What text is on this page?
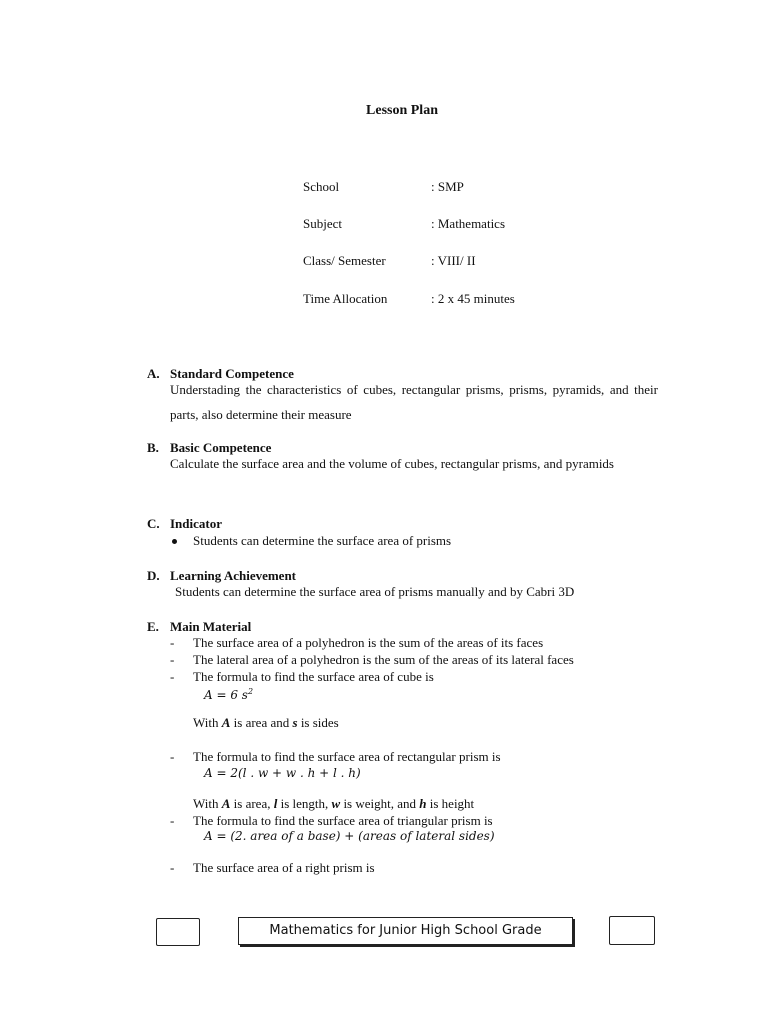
Lesson Plan
School	: SMP
Subject	: Mathematics
Class/ Semester	: VIII/ II
Time Allocation	: 2 x 45 minutes
A. Standard Competence
Understading the characteristics of cubes, rectangular prisms, prisms, pyramids, and their parts, also determine their measure
B. Basic Competence
Calculate the surface area and the volume of cubes, rectangular prisms, and pyramids
C. Indicator
Students can determine the surface area of prisms
D. Learning Achievement
Students can determine the surface area of prisms manually and by Cabri 3D
E. Main Material
- The surface area of a polyhedron is the sum of the areas of its faces
- The lateral area of a polyhedron is the sum of the areas of its lateral faces
- The formula to find the surface area of cube is
A = 6 $s^2$
With A is area and s is sides
- The formula to find the surface area of rectangular prism is
A = 2(l . w + w . h + l . h)
With A is area, l is length, w is weight, and h is height
- The formula to find the surface area of triangular prism is
A = (2. area of a base) + (areas of lateral sides)
- The surface area of a right prism is
Mathematics for Junior High School Grade
